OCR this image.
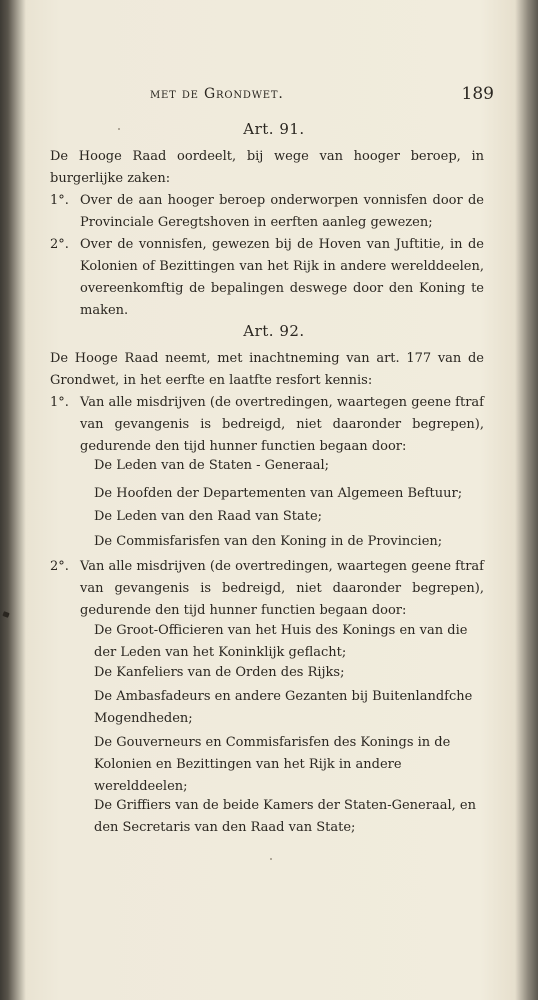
met de Grondwet.	189
Art. 91.
De Hooge Raad oordeelt, bij wege van hooger beroep, in burgerlijke zaken:
1°. Over de aan hooger beroep onderworpen vonnisfen door de Provinciale Geregtshoven in eerften aanleg gewezen;
2°. Over de vonnisfen, gewezen bij de Hoven van Juftitie, in de Kolonien of Bezittingen van het Rijk in andere werelddeelen, overeenkomftig de bepalingen deswege door den Koning te maken.
Art. 92.
De Hooge Raad neemt, met inachtneming van art. 177 van de Grondwet, in het eerfte en laatfte resfort kennis:
1°. Van alle misdrijven (de overtredingen, waartegen geene ftraf van gevangenis is bedreigd, niet daaronder begrepen), gedurende den tijd hunner functien begaan door:
De Leden van de Staten - Generaal;
De Hoofden der Departementen van Algemeen Beftuur;
De Leden van den Raad van State;
De Commisfarisfen van den Koning in de Provincien;
2°. Van alle misdrijven (de overtredingen, waartegen geene ftraf van gevangenis is bedreigd, niet daaronder begrepen), gedurende den tijd hunner functien begaan door:
De Groot-Officieren van het Huis des Konings en van die der Leden van het Koninklijk geflacht;
De Kanfeliers van de Orden des Rijks;
De Ambasfadeurs en andere Gezanten bij Buitenlandfche Mogendheden;
De Gouverneurs en Commisfarisfen des Konings in de Kolonien en Bezittingen van het Rijk in andere werelddeelen;
De Griffiers van de beide Kamers der Staten-Generaal, en den Secretaris van den Raad van State;
